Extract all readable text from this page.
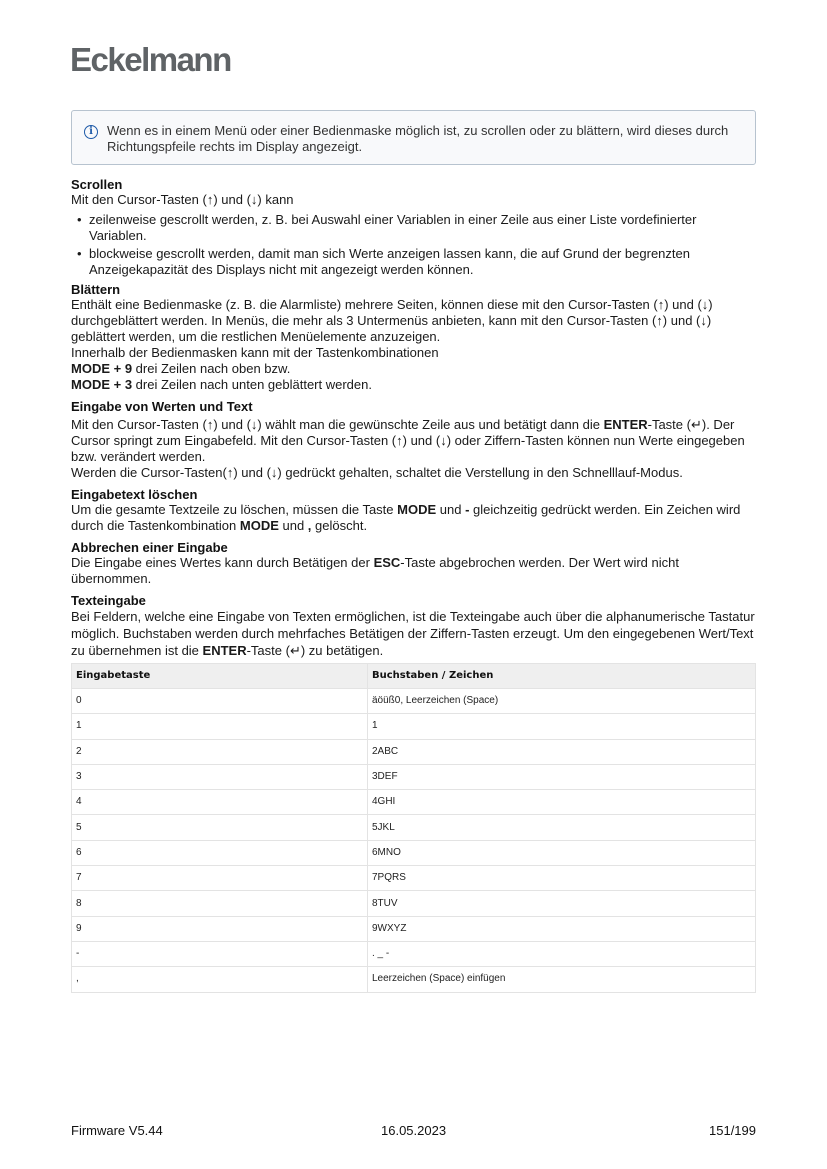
Eckelmann
i	Wenn es in einem Menü oder einer Bedienmaske möglich ist, zu scrollen oder zu blättern, wird dieses durch Richtungspfeile rechts im Display angezeigt.
Scrollen

Mit den Cursor-Tasten (↑) und (↓) kann

• zeilenweise gescrollt werden, z. B. bei Auswahl einer Variablen in einer Zeile aus einer Liste vordefinierter Variablen.
• blockweise gescrollt werden, damit man sich Werte anzeigen lassen kann, die auf Grund der begrenzten Anzeigekapazität des Displays nicht mit angezeigt werden können.
Blättern

Enthält eine Bedienmaske (z. B. die Alarmliste) mehrere Seiten, können diese mit den Cursor-Tasten (↑) und (↓) durchgeblättert werden. In Menüs, die mehr als 3 Untermenüs anbieten, kann mit den Cursor-Tasten (↑) und (↓) geblättert werden, um die restlichen Menüelemente anzuzeigen.

Innerhalb der Bedienmasken kann mit der Tastenkombinationen

MODE + 9 drei Zeilen nach oben bzw.

MODE + 3 drei Zeilen nach unten geblättert werden.

Eingabe von Werten und Text

Mit den Cursor-Tasten (↑) und (↓) wählt man die gewünschte Zeile aus und betätigt dann die ENTER-Taste (↵). Der Cursor springt zum Eingabefeld. Mit den Cursor-Tasten (↑) und (↓) oder Ziffern-Tasten können nun Werte eingegeben bzw. verändert werden.

Werden die Cursor-Tasten(↑) und (↓) gedrückt gehalten, schaltet die Verstellung in den Schnelllauf-Modus.

Eingabetext löschen

Um die gesamte Textzeile zu löschen, müssen die Taste MODE und - gleichzeitig gedrückt werden. Ein Zeichen wird durch die Tastenkombination MODE und , gelöscht.

Abbrechen einer Eingabe

Die Eingabe eines Wertes kann durch Betätigen der ESC-Taste abgebrochen werden. Der Wert wird nicht übernommen.

Texteingabe

Bei Feldern, welche eine Eingabe von Texten ermöglichen, ist die Texteingabe auch über die alphanumerische Tastatur möglich. Buchstaben werden durch mehrfaches Betätigen der Ziffern-Tasten erzeugt. Um den eingegebenen Wert/Text zu übernehmen ist die ENTER-Taste (↵) zu betätigen.

Eingabetaste	Buchstaben / Zeichen
0	äöüß0, Leerzeichen (Space)
1	1
2	2ABC
3	3DEF
4	4GHI
5	5JKL
6	6MNO
7	7PQRS
8	8TUV
9	9WXYZ
-	. _ -
,	Leerzeichen (Space) einfügen
Firmware V5.44	16.05.2023	151/199
